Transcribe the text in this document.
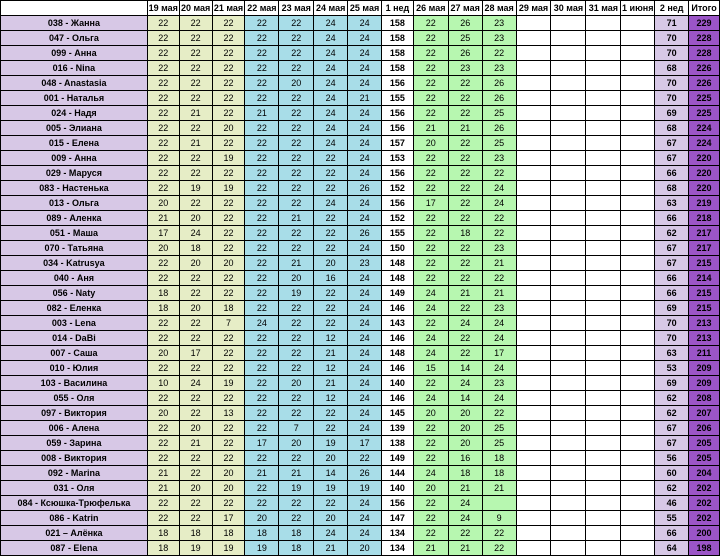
	19 мая	20 мая	21 мая	22 мая	23 мая	24 мая	25 мая	1 нед	26 мая	27 мая	28 мая	29 мая	30 мая	31 мая	1 июня	2 нед	Итого
038 - Жанна	22	22	22	22	22	24	24	158	22	26	23					71	229
047 - Ольга	22	22	22	22	22	24	24	158	22	25	23					70	228
099 - Анна	22	22	22	22	22	24	24	158	22	26	22					70	228
016 - Nina	22	22	22	22	22	24	24	158	22	23	23					68	226
048 - Anastasia	22	22	22	22	20	24	24	156	22	22	26					70	226
001 - Наталья	22	22	22	22	22	24	21	155	22	22	26					70	225
024 - Надя	22	21	22	21	22	24	24	156	22	22	25					69	225
005 - Элиана	22	22	20	22	22	24	24	156	21	21	26					68	224
015 - Елена	22	21	22	22	22	24	24	157	20	22	25					67	224
009 - Анна	22	22	19	22	22	22	24	153	22	22	23					67	220
029 - Маруся	22	22	22	22	22	22	24	156	22	22	22					66	220
083 - Настенька	22	19	19	22	22	22	26	152	22	22	24					68	220
013 - Ольга	20	22	22	22	22	24	24	156	17	22	24					63	219
089 - Аленка	21	20	22	22	21	22	24	152	22	22	22					66	218
051 - Маша	17	24	22	22	22	22	26	155	22	18	22					62	217
070 - Татьяна	20	18	22	22	22	22	24	150	22	22	23					67	217
034 - Katrusya	22	20	20	22	21	20	23	148	22	22	21					67	215
040 - Аня	22	22	22	22	20	16	24	148	22	22	22					66	214
056 - Naty	18	22	22	22	19	22	24	149	24	21	21					66	215
082 - Еленка	18	20	18	22	22	22	24	146	24	22	23					69	215
003 - Lena	22	22	7	24	22	22	24	143	22	24	24					70	213
014 - DaBi	22	22	22	22	22	12	24	146	24	22	24					70	213
007 - Саша	20	17	22	22	22	21	24	148	24	22	17					63	211
010 - Юлия	22	22	22	22	22	12	24	146	15	14	24					53	209
103 - Василина	10	24	19	22	20	21	24	140	22	24	23					69	209
055 - Оля	22	22	22	22	22	12	24	146	24	14	24					62	208
097 - Виктория	20	22	13	22	22	22	24	145	20	20	22					62	207
006 - Алена	22	20	22	22	7	22	24	139	22	20	25					67	206
059 - Зарина	22	21	22	17	20	19	17	138	22	20	25					67	205
008 - Виктория	22	22	22	22	22	20	22	149	22	16	18					56	205
092 - Marina	21	22	20	21	21	14	26	144	24	18	18					60	204
031 - Оля	21	20	20	22	19	19	19	140	20	21	21					62	202
084 - Ксюшка-Трюфелька	22	22	22	22	22	22	24	156	22	24						46	202
086 - Katrin	22	22	17	20	22	20	24	147	22	24	9					55	202
021 – Алёнка	18	18	18	18	18	24	24	134	22	22	22					66	200
087 - Elena	18	19	19	19	18	21	20	134	21	21	22					64	198
